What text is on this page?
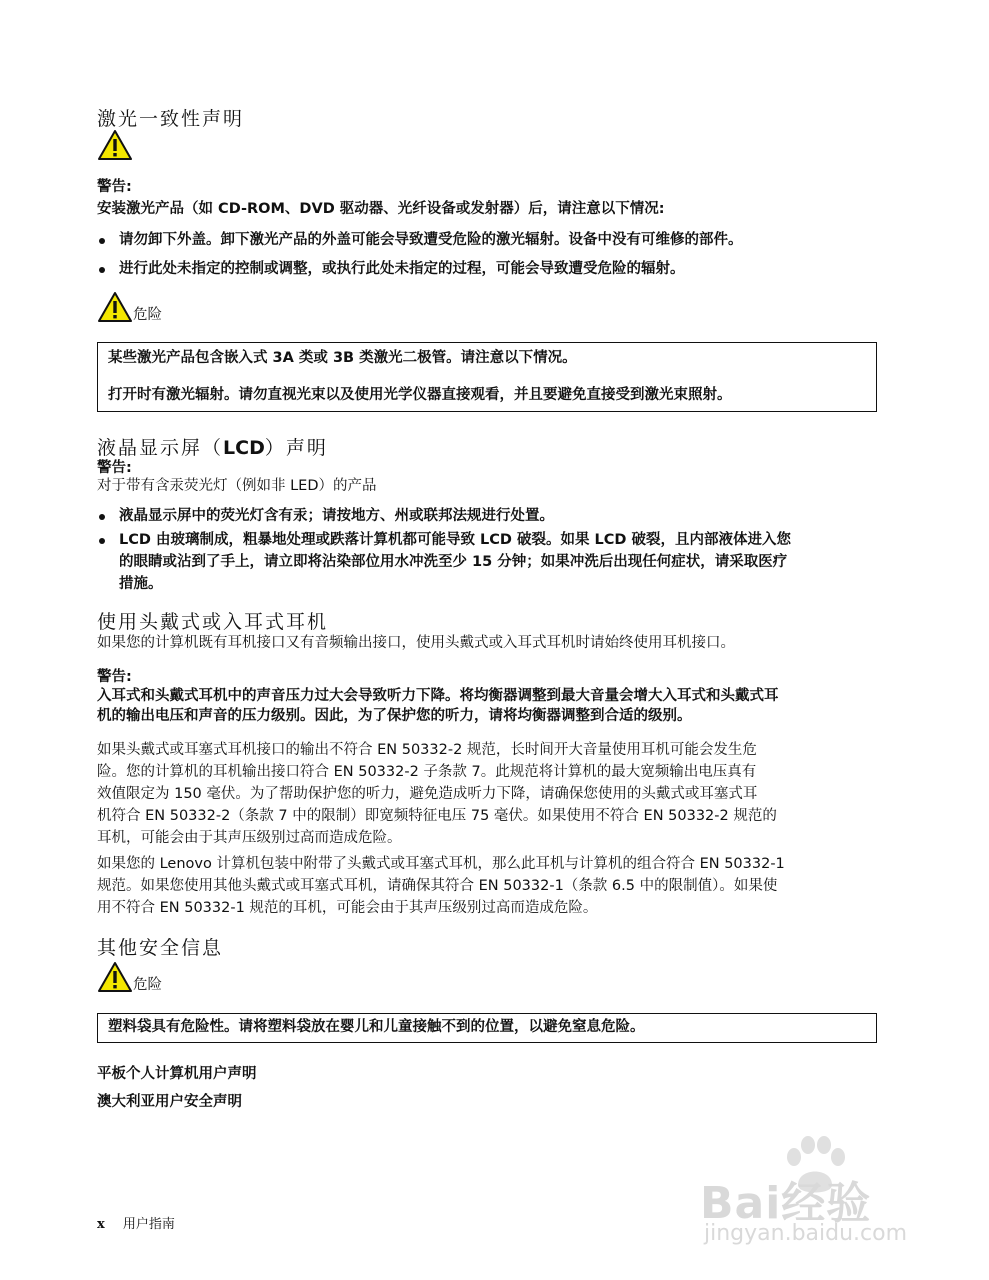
激光一致性声明
警告:
安装激光产品（如 CD-ROM、DVD 驱动器、光纤设备或发射器）后，请注意以下情况:
请勿卸下外盖。卸下激光产品的外盖可能会导致遭受危险的激光辐射。设备中没有可维修的部件。
进行此处未指定的控制或调整，或执行此处未指定的过程，可能会导致遭受危险的辐射。
危险
某些激光产品包含嵌入式 3A 类或 3B 类激光二极管。请注意以下情况。
打开时有激光辐射。请勿直视光束以及使用光学仪器直接观看，并且要避免直接受到激光束照射。
液晶显示屏（LCD）声明
警告:
对于带有含汞荧光灯（例如非 LED）的产品
液晶显示屏中的荧光灯含有汞；请按地方、州或联邦法规进行处置。
LCD 由玻璃制成，粗暴地处理或跌落计算机都可能导致 LCD 破裂。如果 LCD 破裂，且内部液体进入您
的眼睛或沾到了手上，请立即将沾染部位用水冲洗至少 15 分钟；如果冲洗后出现任何症状，请采取医疗
措施。
使用头戴式或入耳式耳机
如果您的计算机既有耳机接口又有音频输出接口，使用头戴式或入耳式耳机时请始终使用耳机接口。
警告:
入耳式和头戴式耳机中的声音压力过大会导致听力下降。将均衡器调整到最大音量会增大入耳式和头戴式耳
机的输出电压和声音的压力级别。因此，为了保护您的听力，请将均衡器调整到合适的级别。
如果头戴式或耳塞式耳机接口的输出不符合 EN 50332-2 规范，长时间开大音量使用耳机可能会发生危
险。您的计算机的耳机输出接口符合 EN 50332-2 子条款 7。此规范将计算机的最大宽频输出电压真有
效值限定为 150 毫伏。为了帮助保护您的听力，避免造成听力下降，请确保您使用的头戴式或耳塞式耳
机符合 EN 50332-2（条款 7 中的限制）即宽频特征电压 75 毫伏。如果使用不符合 EN 50332-2 规范的
耳机，可能会由于其声压级别过高而造成危险。
如果您的 Lenovo 计算机包装中附带了头戴式或耳塞式耳机，那么此耳机与计算机的组合符合 EN 50332-1
规范。如果您使用其他头戴式或耳塞式耳机，请确保其符合 EN 50332-1（条款 6.5 中的限制值）。如果使
用不符合 EN 50332-1 规范的耳机，可能会由于其声压级别过高而造成危险。
其他安全信息
危险
塑料袋具有危险性。请将塑料袋放在婴儿和儿童接触不到的位置，以避免窒息危险。
平板个人计算机用户声明
澳大利亚用户安全声明
x 用户指南	Bai经验
jingyan.baidu.com
